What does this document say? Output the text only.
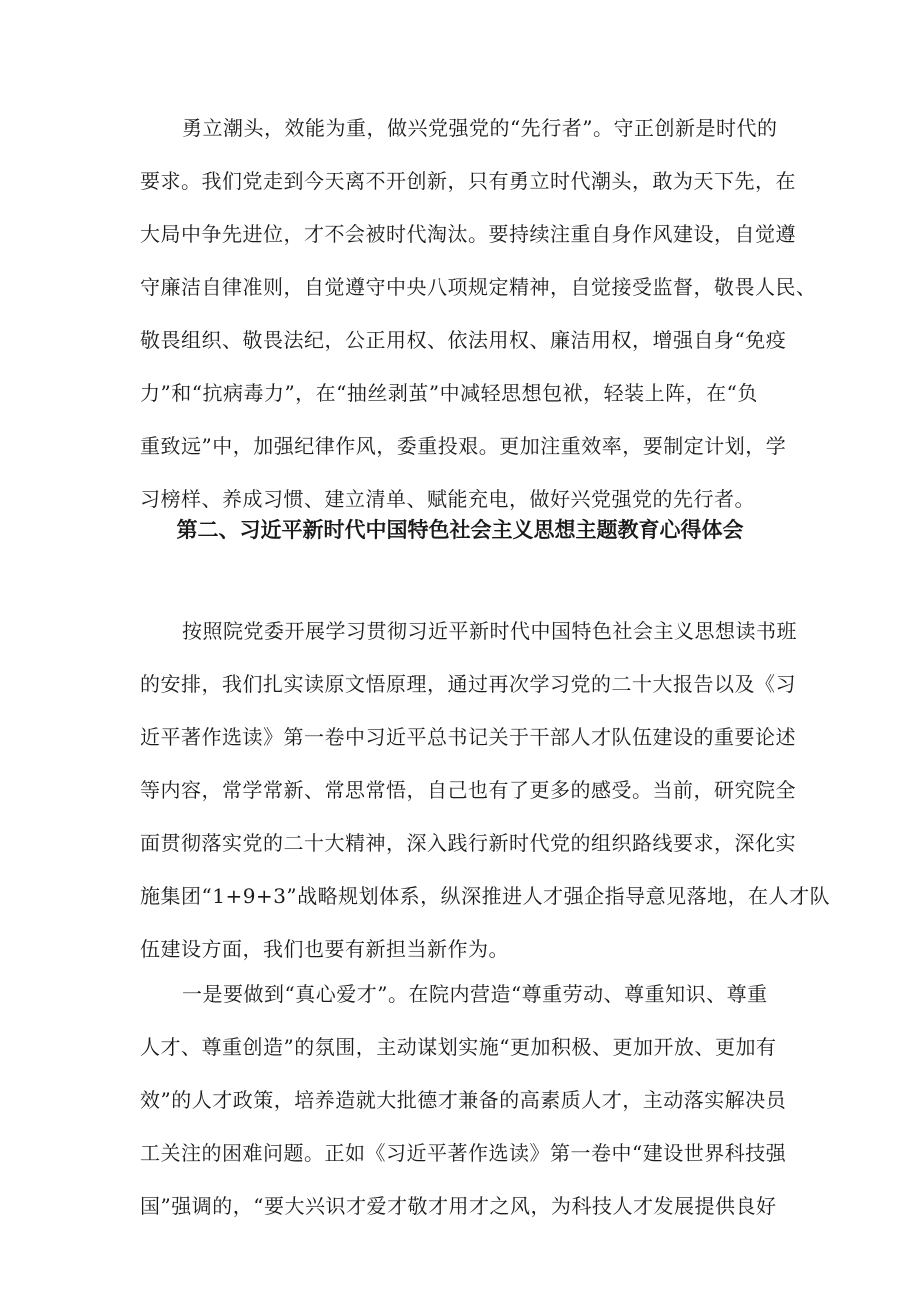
勇立潮头，效能为重，做兴党强党的“先行者”。守正创新是时代的
要求。我们党走到今天离不开创新，只有勇立时代潮头，敢为天下先，在
大局中争先进位，才不会被时代淘汰。要持续注重自身作风建设，自觉遵
守廉洁自律准则，自觉遵守中央八项规定精神，自觉接受监督，敬畏人民、
敬畏组织、敬畏法纪，公正用权、依法用权、廉洁用权，增强自身“免疫
力”和“抗病毒力”，在“抽丝剥茧”中减轻思想包袱，轻装上阵，在“负
重致远”中，加强纪律作风，委重投艰。更加注重效率，要制定计划，学
习榜样、养成习惯、建立清单、赋能充电，做好兴党强党的先行者。
第二、习近平新时代中国特色社会主义思想主题教育心得体会
按照院党委开展学习贯彻习近平新时代中国特色社会主义思想读书班
的安排，我们扎实读原文悟原理，通过再次学习党的二十大报告以及《习
近平著作选读》第一卷中习近平总书记关于干部人才队伍建设的重要论述
等内容，常学常新、常思常悟，自己也有了更多的感受。当前，研究院全
面贯彻落实党的二十大精神，深入践行新时代党的组织路线要求，深化实
施集团“1+9+3”战略规划体系，纵深推进人才强企指导意见落地，在人才队
伍建设方面，我们也要有新担当新作为。
一是要做到“真心爱才”。在院内营造“尊重劳动、尊重知识、尊重
人才、尊重创造”的氛围，主动谋划实施“更加积极、更加开放、更加有
效”的人才政策，培养造就大批德才兼备的高素质人才，主动落实解决员
工关注的困难问题。正如《习近平著作选读》第一卷中“建设世界科技强
国”强调的，“要大兴识才爱才敬才用才之风，为科技人才发展提供良好
